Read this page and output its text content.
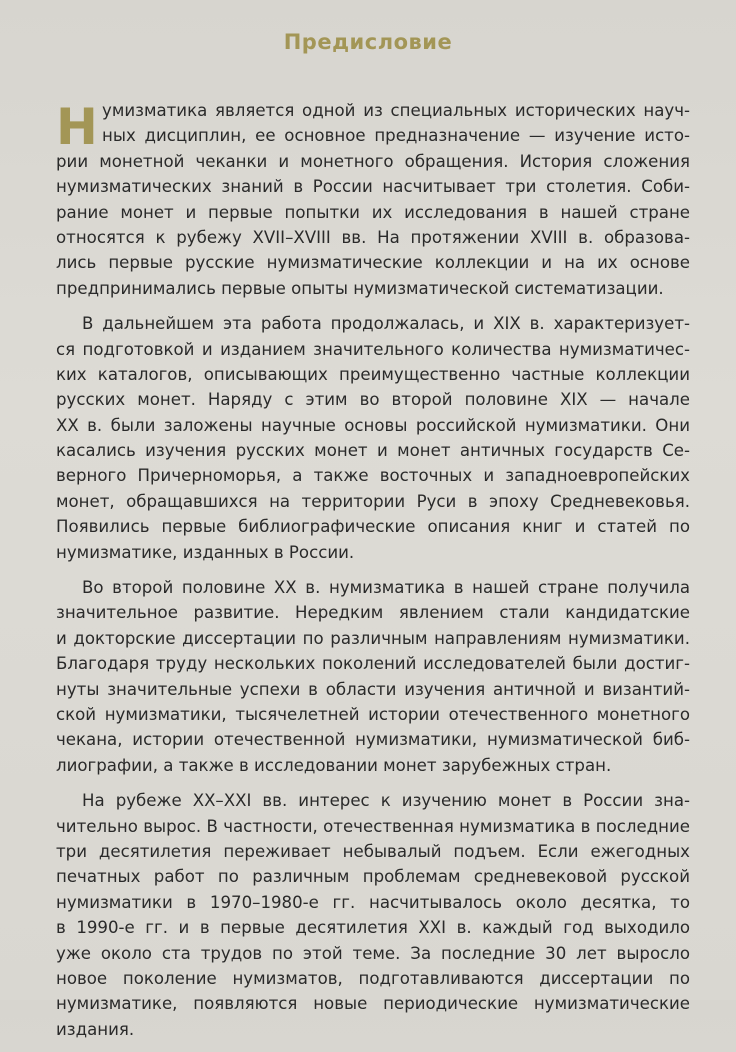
Предисловие
Н умизматика является одной из специальных исторических науч-
ных дисциплин, ее основное предназначение — изучение исто-
рии монетной чеканки и монетного обращения. История сложения
нумизматических знаний в России насчитывает три столетия. Соби-
рание монет и первые попытки их исследования в нашей стране
относятся к рубежу XVII–XVIII вв. На протяжении XVIII в. образова-
лись первые русские нумизматические коллекции и на их основе
предпринимались первые опыты нумизматической систематизации.
В дальнейшем эта работа продолжалась, и XIX в. характеризует-
ся подготовкой и изданием значительного количества нумизматичес-
ких каталогов, описывающих преимущественно частные коллекции
русских монет. Наряду с этим во второй половине XIX — начале
XX в. были заложены научные основы российской нумизматики. Они
касались изучения русских монет и монет античных государств Се-
верного Причерноморья, а также восточных и западноевропейских
монет, обращавшихся на территории Руси в эпоху Средневековья.
Появились первые библиографические описания книг и статей по
нумизматике, изданных в России.
Во второй половине XX в. нумизматика в нашей стране получила
значительное развитие. Нередким явлением стали кандидатские
и докторские диссертации по различным направлениям нумизматики.
Благодаря труду нескольких поколений исследователей были достиг-
нуты значительные успехи в области изучения античной и византий-
ской нумизматики, тысячелетней истории отечественного монетного
чекана, истории отечественной нумизматики, нумизматической биб-
лиографии, а также в исследовании монет зарубежных стран.
На рубеже XX–XXI вв. интерес к изучению монет в России зна-
чительно вырос. В частности, отечественная нумизматика в последние
три десятилетия переживает небывалый подъем. Если ежегодных
печатных работ по различным проблемам средневековой русской
нумизматики в 1970–1980-е гг. насчитывалось около десятка, то
в 1990-е гг. и в первые десятилетия XXI в. каждый год выходило
уже около ста трудов по этой теме. За последние 30 лет выросло
новое поколение нумизматов, подготавливаются диссертации по
нумизматике, появляются новые периодические нумизматические
издания.
